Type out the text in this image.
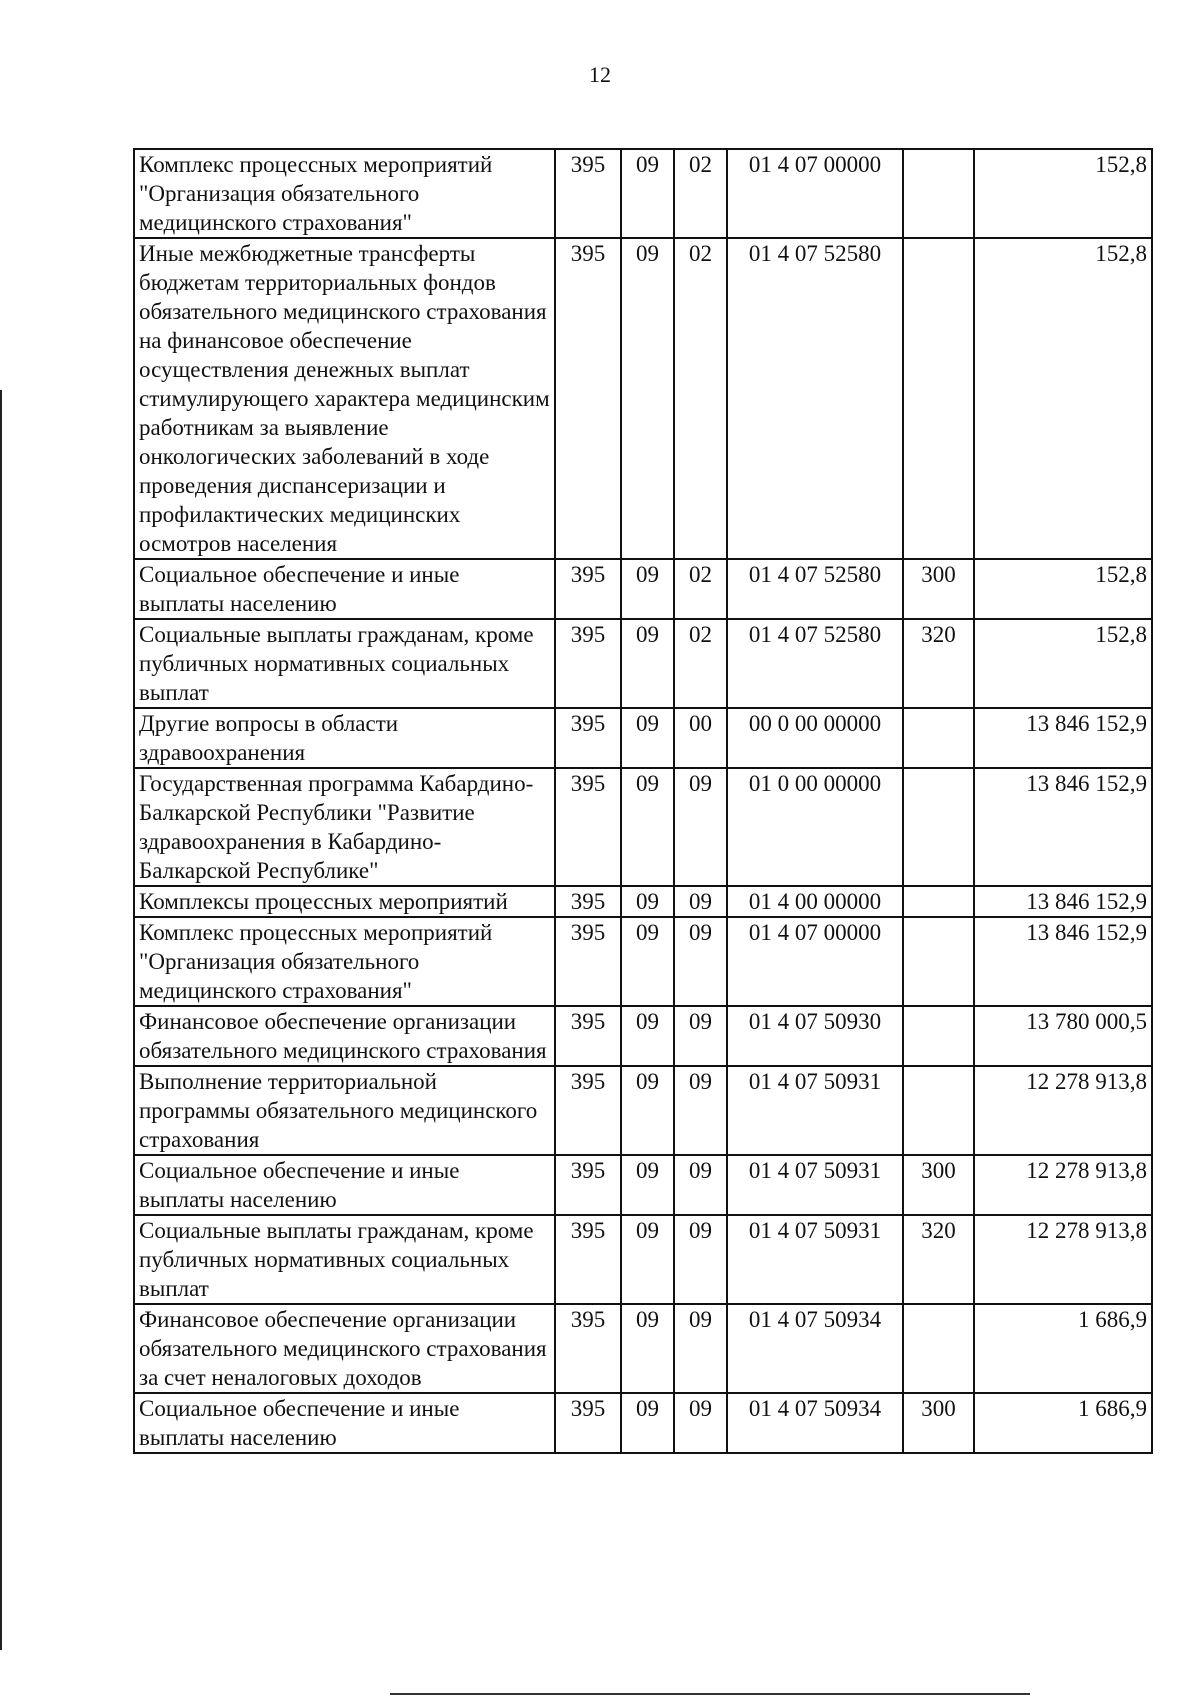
12
Комплекс процессных мероприятий "Организация обязательного медицинского страхования"	395	09	02	01 4 07 00000		152,8
Иные межбюджетные трансферты бюджетам территориальных фондов обязательного медицинского страхования на финансовое обеспечение осуществления денежных выплат стимулирующего характера медицинским работникам за выявление онкологических заболеваний в ходе проведения диспансеризации и профилактических медицинских осмотров населения	395	09	02	01 4 07 52580		152,8
Социальное обеспечение и иные выплаты населению	395	09	02	01 4 07 52580	300	152,8
Социальные выплаты гражданам, кроме публичных нормативных социальных выплат	395	09	02	01 4 07 52580	320	152,8
Другие вопросы в области здравоохранения	395	09	00	00 0 00 00000		13 846 152,9
Государственная программа Кабардино-Балкарской Республики "Развитие здравоохранения в Кабардино-Балкарской Республике"	395	09	09	01 0 00 00000		13 846 152,9
Комплексы процессных мероприятий	395	09	09	01 4 00 00000		13 846 152,9
Комплекс процессных мероприятий "Организация обязательного медицинского страхования"	395	09	09	01 4 07 00000		13 846 152,9
Финансовое обеспечение организации обязательного медицинского страхования	395	09	09	01 4 07 50930		13 780 000,5
Выполнение территориальной программы обязательного медицинского страхования	395	09	09	01 4 07 50931		12 278 913,8
Социальное обеспечение и иные выплаты населению	395	09	09	01 4 07 50931	300	12 278 913,8
Социальные выплаты гражданам, кроме публичных нормативных социальных выплат	395	09	09	01 4 07 50931	320	12 278 913,8
Финансовое обеспечение организации обязательного медицинского страхования за счет неналоговых доходов	395	09	09	01 4 07 50934		1 686,9
Социальное обеспечение и иные выплаты населению	395	09	09	01 4 07 50934	300	1 686,9
